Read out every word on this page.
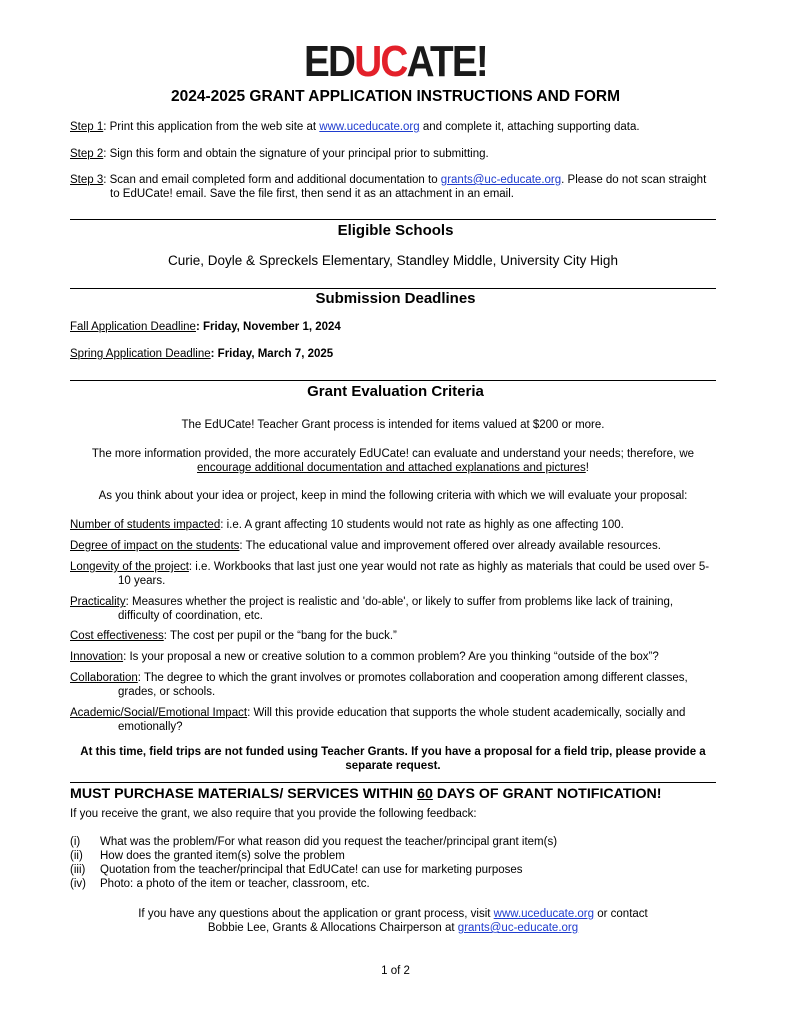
EDUCATE!
2024-2025 GRANT APPLICATION INSTRUCTIONS AND FORM
Step 1: Print this application from the web site at www.uceducate.org and complete it, attaching supporting data.
Step 2: Sign this form and obtain the signature of your principal prior to submitting.
Step 3: Scan and email completed form and additional documentation to grants@uc-educate.org. Please do not scan straight
to EdUCate! email. Save the file first, then send it as an attachment in an email.
Eligible Schools
Curie, Doyle & Spreckels Elementary, Standley Middle, University City High
Submission Deadlines
Fall Application Deadline: Friday, November 1, 2024
Spring Application Deadline: Friday, March 7, 2025
Grant Evaluation Criteria
The EdUCate! Teacher Grant process is intended for items valued at $200 or more.
The more information provided, the more accurately EdUCate! can evaluate and understand your needs; therefore, we
encourage additional documentation and attached explanations and pictures!
As you think about your idea or project, keep in mind the following criteria with which we will evaluate your proposal:
Number of students impacted: i.e. A grant affecting 10 students would not rate as highly as one affecting 100.
Degree of impact on the students: The educational value and improvement offered over already available resources.
Longevity of the project: i.e. Workbooks that last just one year would not rate as highly as materials that could be used over 5-
10 years.
Practicality: Measures whether the project is realistic and 'do-able', or likely to suffer from problems like lack of training,
difficulty of coordination, etc.
Cost effectiveness: The cost per pupil or the “bang for the buck.”
Innovation: Is your proposal a new or creative solution to a common problem? Are you thinking “outside of the box”?
Collaboration: The degree to which the grant involves or promotes collaboration and cooperation among different classes,
grades, or schools.
Academic/Social/Emotional Impact: Will this provide education that supports the whole student academically, socially and
emotionally?
At this time, field trips are not funded using Teacher Grants. If you have a proposal for a field trip, please provide a
separate request.
MUST PURCHASE MATERIALS/ SERVICES WITHIN 60 DAYS OF GRANT NOTIFICATION!
If you receive the grant, we also require that you provide the following feedback:
(i) What was the problem/For what reason did you request the teacher/principal grant item(s)
(ii) How does the granted item(s) solve the problem
(iii) Quotation from the teacher/principal that EdUCate! can use for marketing purposes
(iv) Photo: a photo of the item or teacher, classroom, etc.
If you have any questions about the application or grant process, visit www.uceducate.org or contact
Bobbie Lee, Grants & Allocations Chairperson at grants@uc-educate.org
1 of 2
